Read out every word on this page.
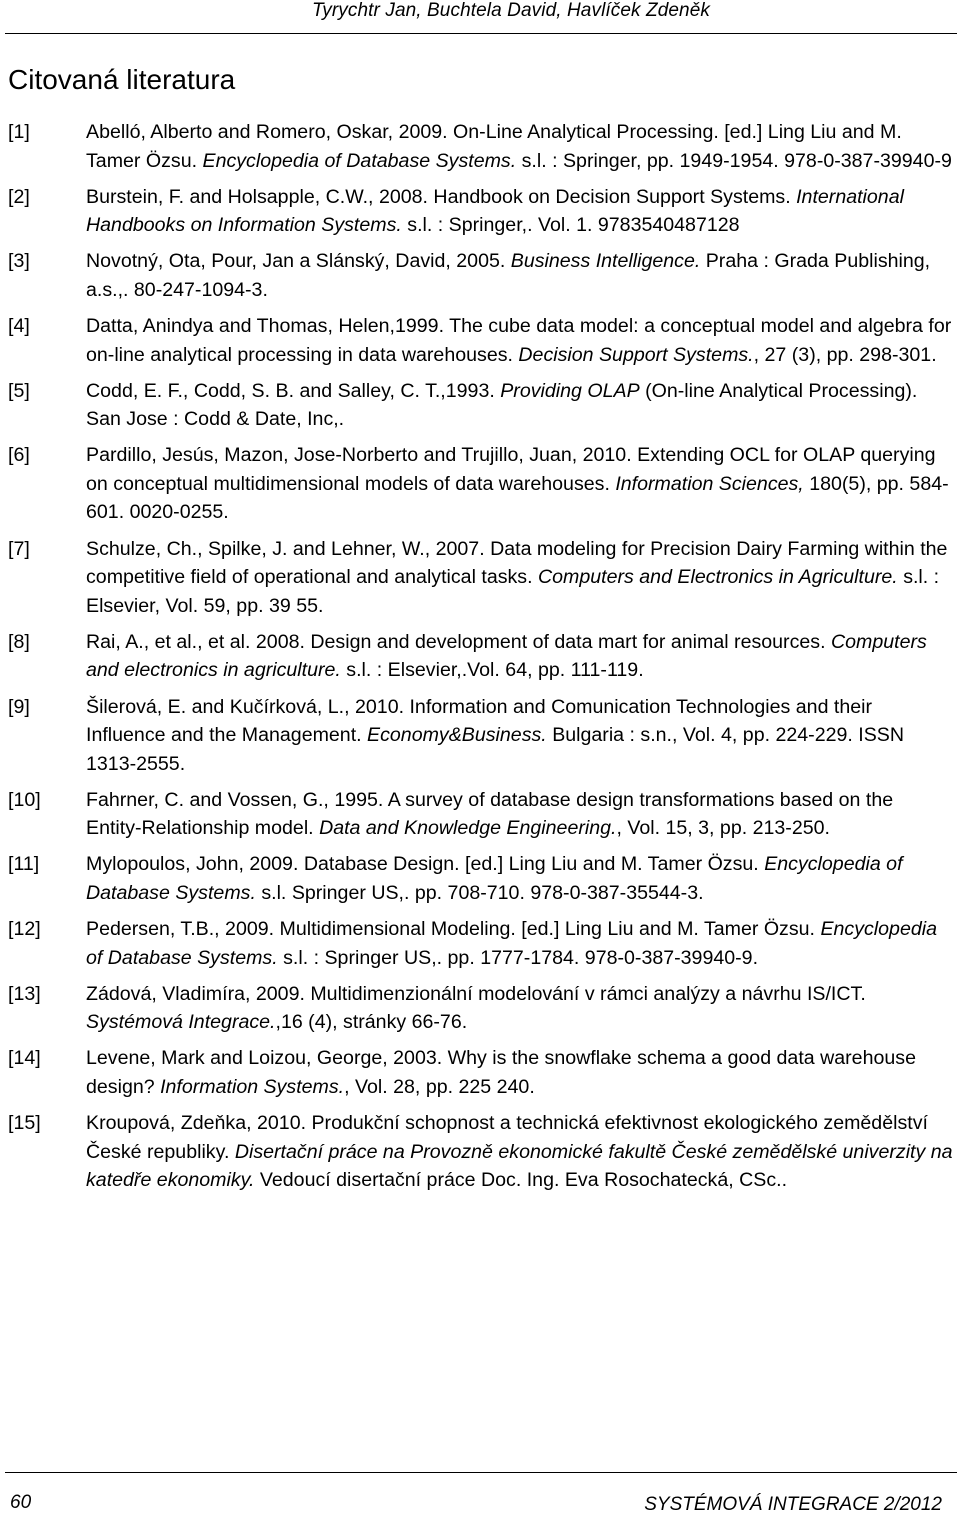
Tyrychtr Jan, Buchtela David, Havlíček Zdeněk
Citovaná literatura
[1]	Abelló, Alberto and Romero, Oskar, 2009. On-Line Analytical Processing. [ed.] Ling Liu and M. Tamer Özsu. Encyclopedia of Database Systems. s.l. : Springer, pp. 1949-1954. 978-0-387-39940-9
[2]	Burstein, F. and Holsapple, C.W., 2008. Handbook on Decision Support Systems. International Handbooks on Information Systems. s.l. : Springer,. Vol. 1. 9783540487128
[3]	Novotný, Ota, Pour, Jan a Slánský, David, 2005. Business Intelligence. Praha : Grada Publishing, a.s.,. 80-247-1094-3.
[4]	Datta, Anindya and Thomas, Helen,1999. The cube data model: a conceptual model and algebra for on-line analytical processing in data warehouses. Decision Support Systems., 27 (3), pp. 298-301.
[5]	Codd, E. F., Codd, S. B. and Salley, C. T.,1993. Providing OLAP (On-line Analytical Processing). San Jose : Codd & Date, Inc,.
[6]	Pardillo, Jesús, Mazon, Jose-Norberto and Trujillo, Juan, 2010. Extending OCL for OLAP querying on conceptual multidimensional models of data warehouses. Information Sciences, 180(5), pp. 584-601. 0020-0255.
[7]	Schulze, Ch., Spilke, J. and Lehner, W., 2007. Data modeling for Precision Dairy Farming within the competitive field of operational and analytical tasks. Computers and Electronics in Agriculture. s.l. : Elsevier, Vol. 59, pp. 39 55.
[8]	Rai, A., et al., et al. 2008. Design and development of data mart for animal resources. Computers and electronics in agriculture. s.l. : Elsevier,.Vol. 64, pp. 111-119.
[9]	Šilerová, E. and Kučírková, L., 2010. Information and Comunication Technologies and their Influence and the Management. Economy&Business. Bulgaria : s.n., Vol. 4, pp. 224-229. ISSN 1313-2555.
[10] Fahrner, C. and Vossen, G., 1995. A survey of database design transformations based on the Entity-Relationship model. Data and Knowledge Engineering., Vol. 15, 3, pp. 213-250.
[11] Mylopoulos, John, 2009. Database Design. [ed.] Ling Liu and M. Tamer Özsu. Encyclopedia of Database Systems. s.l. Springer US,. pp. 708-710. 978-0-387-35544-3.
[12] Pedersen, T.B., 2009. Multidimensional Modeling. [ed.] Ling Liu and M. Tamer Özsu. Encyclopedia of Database Systems. s.l. : Springer US,. pp. 1777-1784. 978-0-387-39940-9.
[13] Zádová, Vladimíra, 2009. Multidimenzionální modelování v rámci analýzy a návrhu IS/ICT. Systémová Integrace.,16 (4), stránky 66-76.
[14] Levene, Mark and Loizou, George, 2003. Why is the snowflake schema a good data warehouse design? Information Systems., Vol. 28, pp. 225 240.
[15] Kroupová, Zdeňka, 2010. Produkční schopnost a technická efektivnost ekologického zemědělství České republiky. Disertační práce na Provozně ekonomické fakultě České zemědělské univerzity na katedře ekonomiky. Vedoucí disertační práce Doc. Ing. Eva Rosochatecká, CSc..
60	SYSTÉMOVÁ INTEGRACE 2/2012
